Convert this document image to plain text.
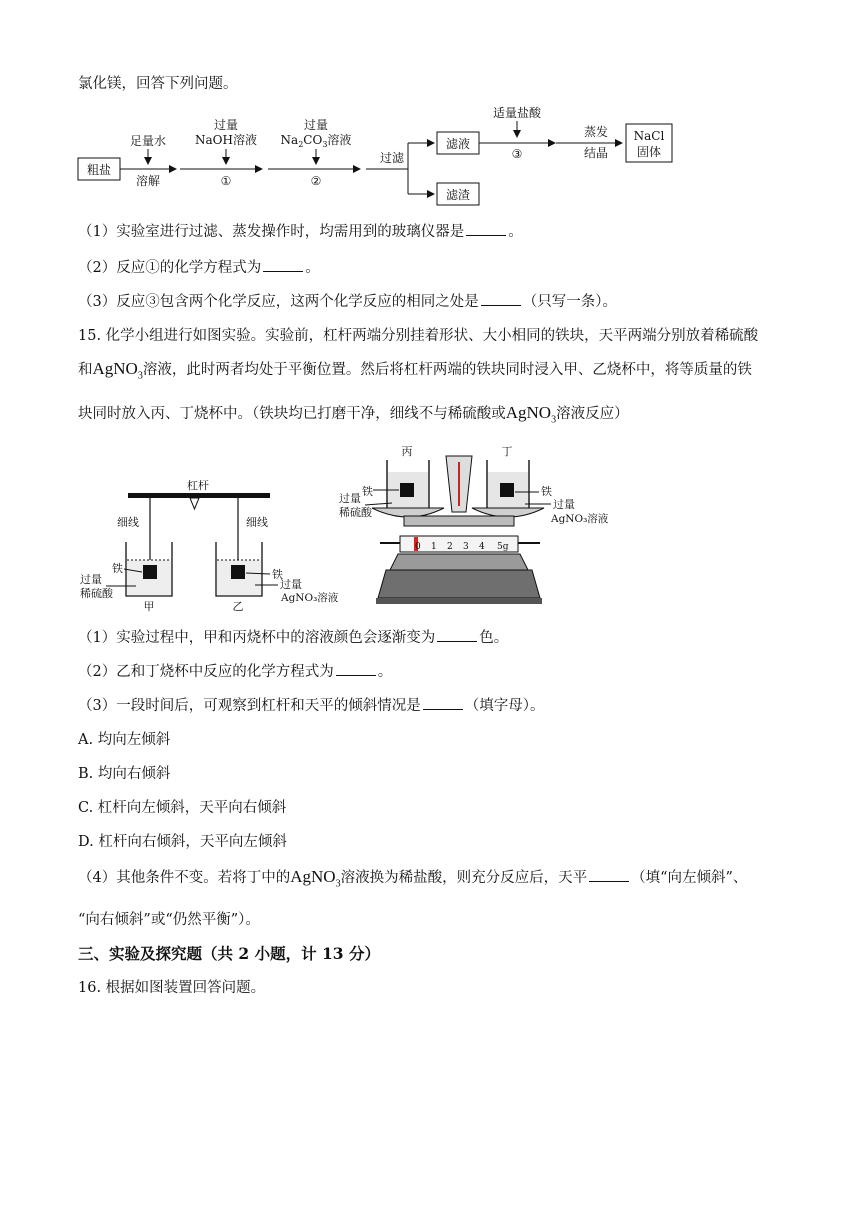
氯化镁，回答下列问题。
粗盐
足量水
溶解
过量
NaOH溶液
①
过量
$Na_2CO_3$溶液
②
过滤
滤液
滤渣
适量盐酸
③
蒸发
结晶
NaCl
固体
（1）实验室进行过滤、蒸发操作时，均需用到的玻璃仪器是	。
（2）反应①的化学方程式为	。
（3）反应③包含两个化学反应，这两个化学反应的相同之处是	（只写一条）。
15. 化学小组进行如图实验。实验前，杠杆两端分别挂着形状、大小相同的铁块，天平两端分别放着稀硫酸
和AgNO$_3$溶液，此时两者均处于平衡位置。然后将杠杆两端的铁块同时浸入甲、乙烧杯中，将等质量的铁
块同时放入丙、丁烧杯中。（铁块均已打磨干净，细线不与稀硫酸或AgNO$_3$溶液反应）
杠杆
细线	细线
铁
过量
稀硫酸
甲
铁
过量
AgNO₃溶液
乙
丙	丁
铁
过量
稀硫酸
铁
过量
AgNO₃溶液
0 1 2 3 4 5g
（1）实验过程中，甲和丙烧杯中的溶液颜色会逐渐变为	色。
（2）乙和丁烧杯中反应的化学方程式为	。
（3）一段时间后，可观察到杠杆和天平的倾斜情况是	（填字母）。
A. 均向左倾斜
B. 均向右倾斜
C. 杠杆向左倾斜，天平向右倾斜
D. 杠杆向右倾斜，天平向左倾斜
（4）其他条件不变。若将丁中的AgNO$_3$溶液换为稀盐酸，则充分反应后，天平	（填“向左倾斜”、
“向右倾斜”或“仍然平衡”）。
三、实验及探究题（共 2 小题，计 13 分）
16. 根据如图装置回答问题。
